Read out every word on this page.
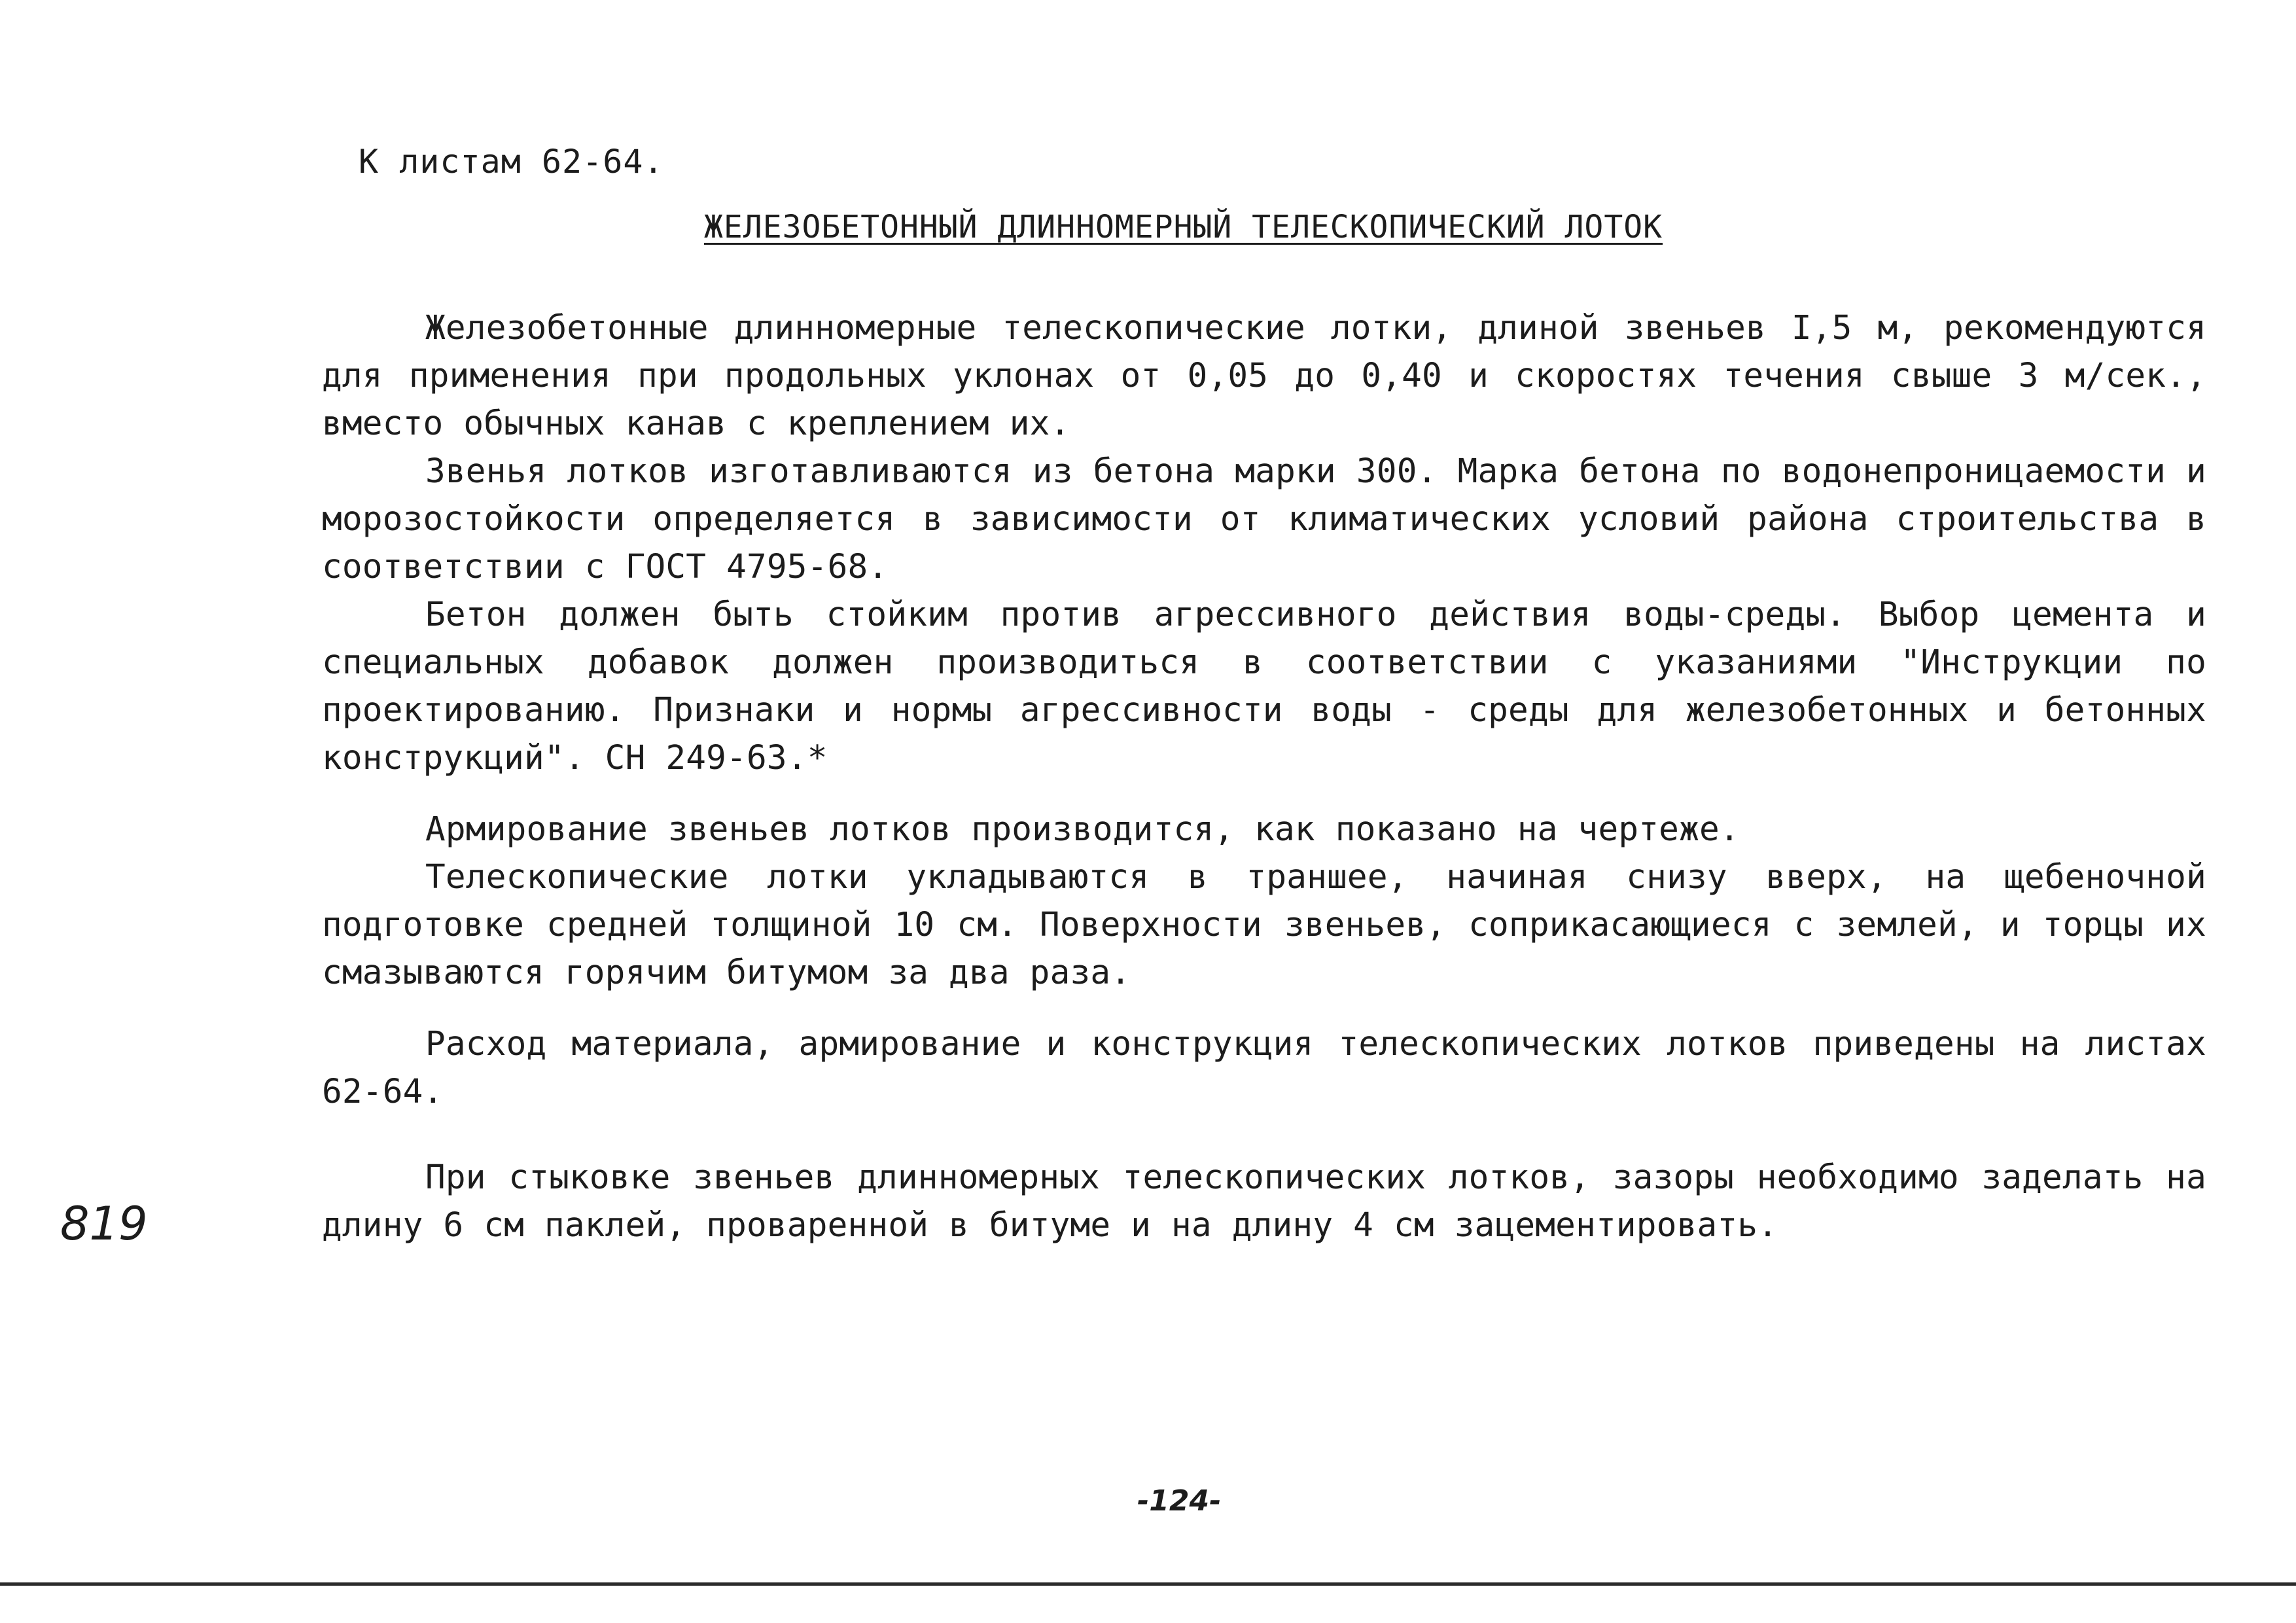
К листам 62-64.
ЖЕЛЕЗОБЕТОННЫЙ ДЛИННОМЕРНЫЙ ТЕЛЕСКОПИЧЕСКИЙ ЛОТОК

Железобетонные длинномерные телескопические лотки, длиной звеньев I,5 м, рекомендуются для применения при продольных уклонах от 0,05 до 0,40 и скоростях течения свыше 3 м/сек., вместо обычных канав с креплением их.

Звенья лотков изготавливаются из бетона марки 300. Марка бетона по водонепроницаемости и морозостойкости определяется в зависимости от климатических условий района строительства в соответствии с ГОСТ 4795-68.

Бетон должен быть стойким против агрессивного действия воды-среды. Выбор цемента и специальных добавок должен производиться в соответствии с указаниями "Инструкции по проектированию. Признаки и нормы агрессивности воды - среды для железобетонных и бетонных конструкций". СН 249-63.*

Армирование звеньев лотков производится, как показано на чертеже.

Телескопические лотки укладываются в траншее, начиная снизу вверх, на щебеночной подготовке средней толщиной 10 см. Поверхности звеньев, соприкасающиеся с землей, и торцы их смазываются горячим битумом за два раза.

Расход материала, армирование и конструкция телескопических лотков приведены на листах 62-64.

При стыковке звеньев длинномерных телескопических лотков, зазоры необходимо заделать на длину 6 см паклей, проваренной в битуме и на длину 4 см зацементировать.

819
-124-
